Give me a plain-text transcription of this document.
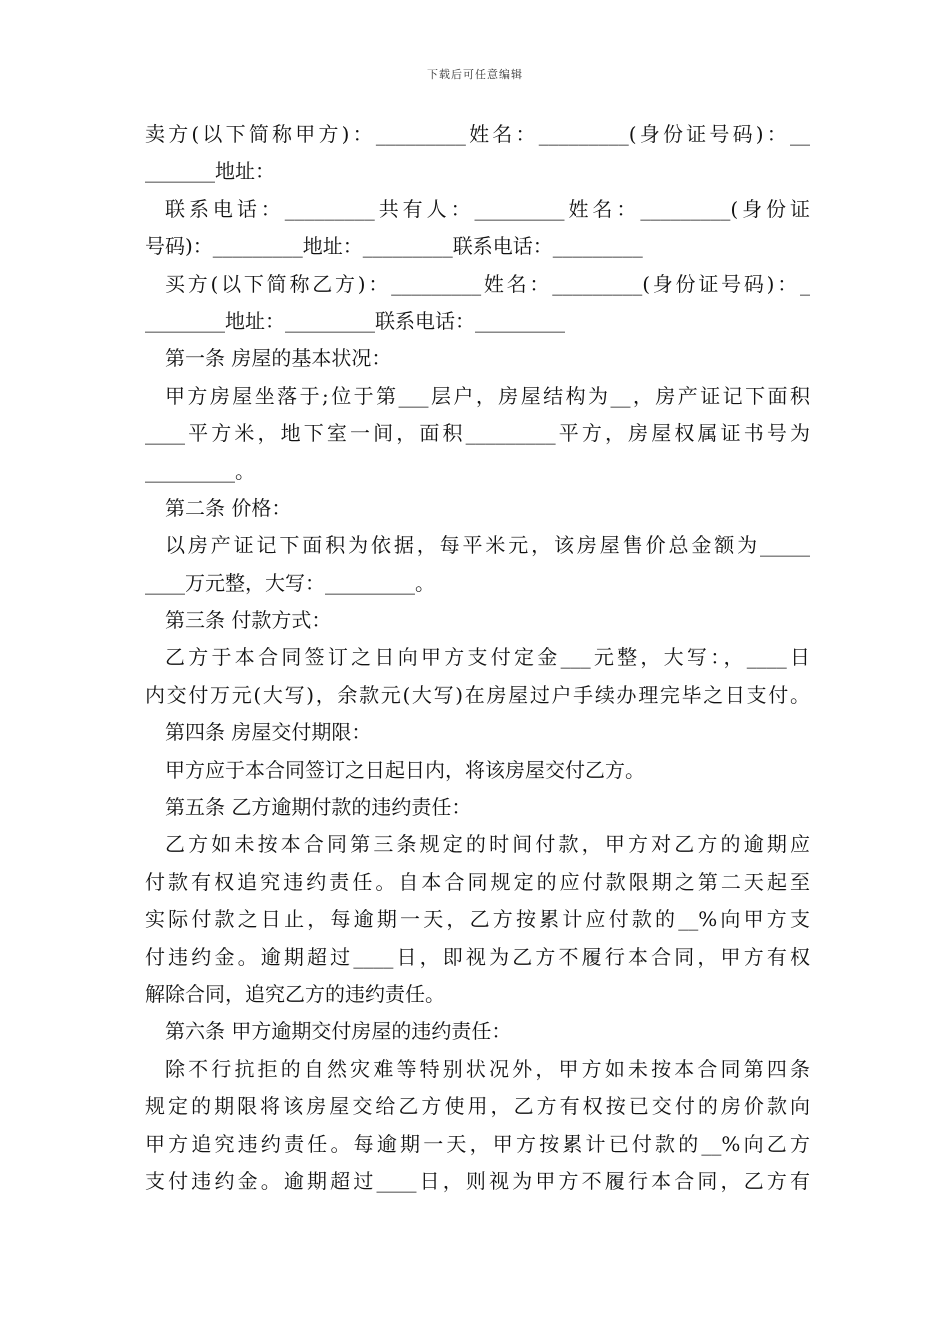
下载后可任意编辑
卖方(以下简称甲方)：_________姓名：_________(身份证号码)：__
_______地址：
联系电话：_________共有人：_________姓名：_________(身份证
号码)：_________地址：_________联系电话：_________
买方(以下简称乙方)：_________姓名：_________(身份证号码)：_
________地址：_________联系电话：_________
第一条 房屋的基本状况：
甲方房屋坐落于;位于第___层户，房屋结构为__，房产证记下面积
____平方米，地下室一间，面积_________平方，房屋权属证书号为
_________。
第二条 价格：
以房产证记下面积为依据，每平米元，该房屋售价总金额为_____
____万元整，大写：_________。
第三条 付款方式：
乙方于本合同签订之日向甲方支付定金___元整，大写：，____日
内交付万元(大写)，余款元(大写)在房屋过户手续办理完毕之日支付。
第四条 房屋交付期限：
甲方应于本合同签订之日起日内，将该房屋交付乙方。
第五条 乙方逾期付款的违约责任：
乙方如未按本合同第三条规定的时间付款，甲方对乙方的逾期应
付款有权追究违约责任。自本合同规定的应付款限期之第二天起至
实际付款之日止，每逾期一天，乙方按累计应付款的__%向甲方支
付违约金。逾期超过____日，即视为乙方不履行本合同，甲方有权
解除合同，追究乙方的违约责任。
第六条 甲方逾期交付房屋的违约责任：
除不行抗拒的自然灾难等特别状况外，甲方如未按本合同第四条
规定的期限将该房屋交给乙方使用，乙方有权按已交付的房价款向
甲方追究违约责任。每逾期一天，甲方按累计已付款的__%向乙方
支付违约金。逾期超过____日，则视为甲方不履行本合同，乙方有
